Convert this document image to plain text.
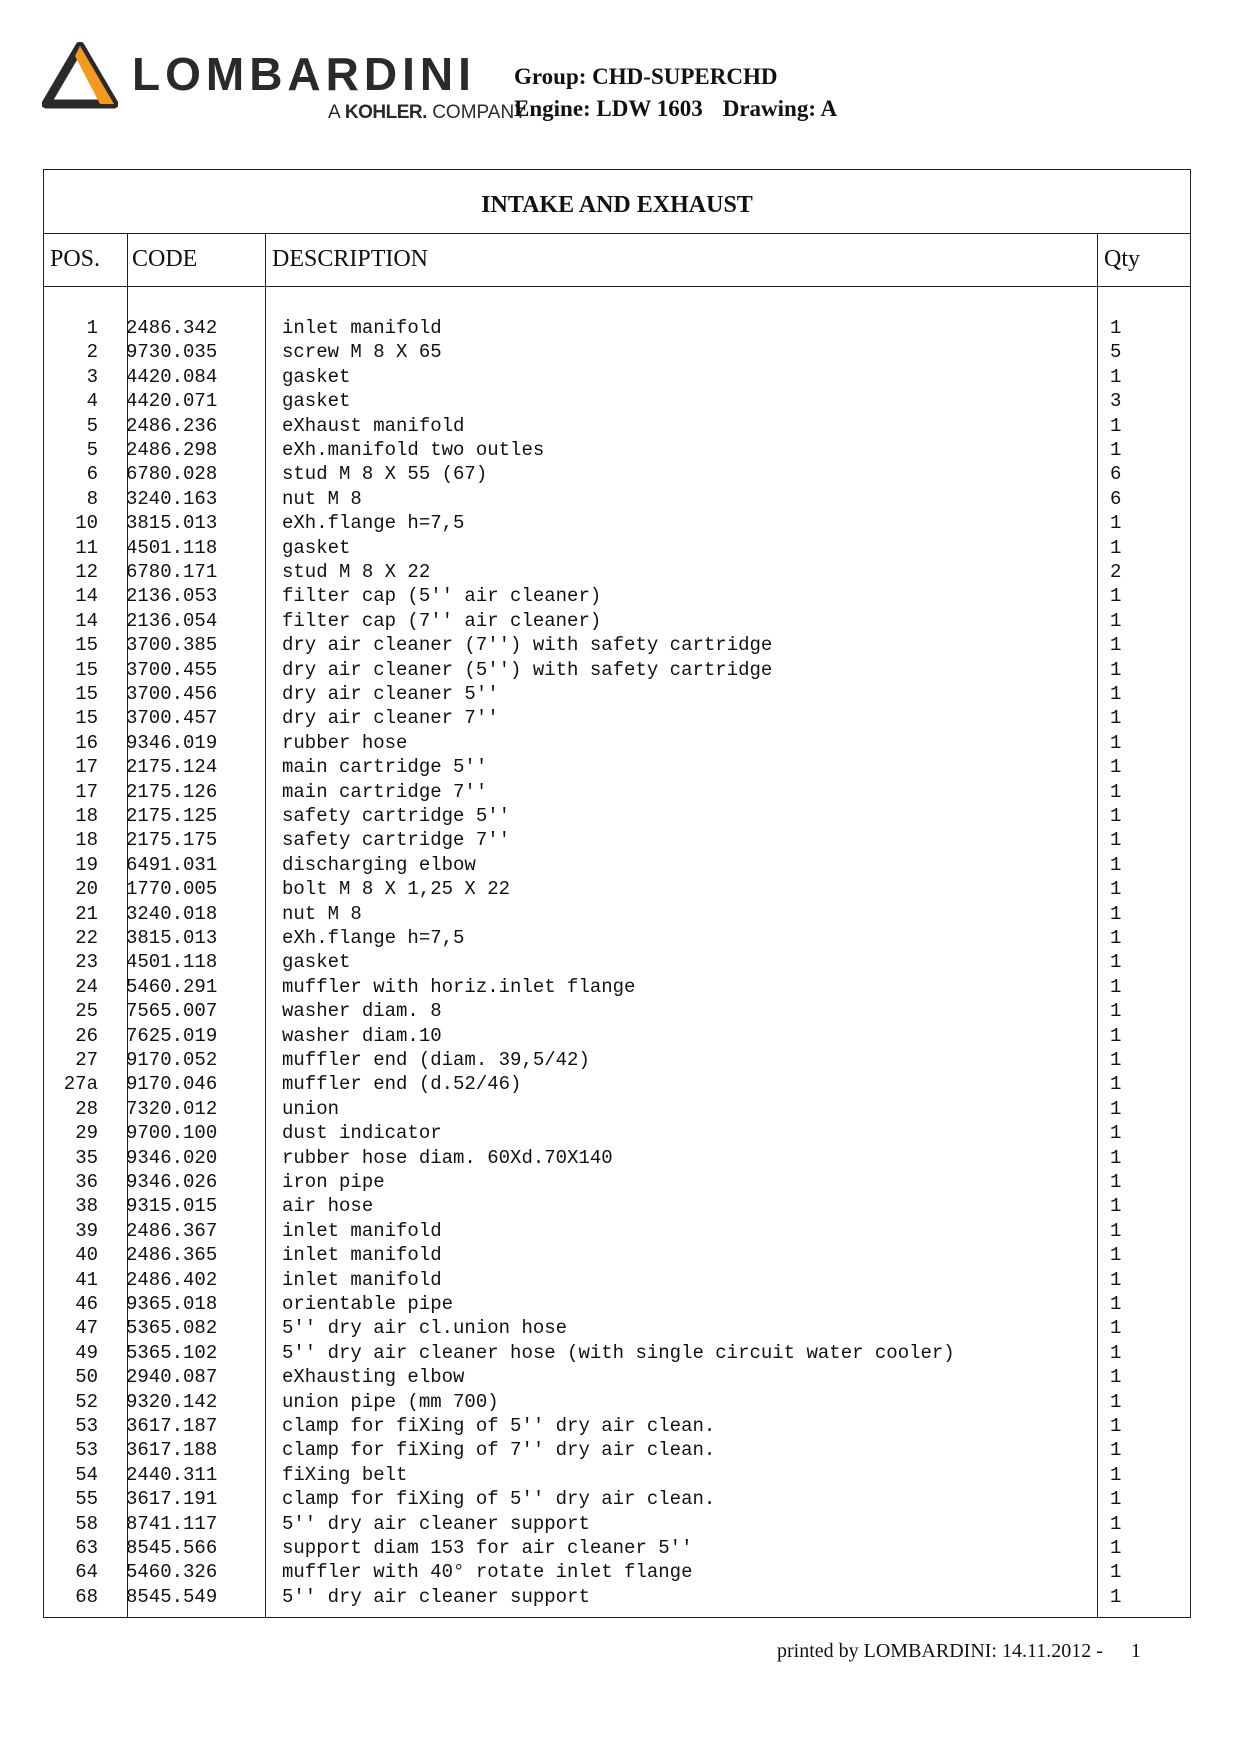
LOMBARDINI
A KOHLER. COMPANY
Group: CHD-SUPERCHD
Engine: LDW 1603 Drawing: A
INTAKE AND EXHAUST
POS. CODE	DESCRIPTION	Qty
1 2486.342	inlet manifold	1
2 9730.035	screw M 8 X 65	5
3 4420.084	gasket	1
4 4420.071	gasket	3
5 2486.236	eXhaust manifold	1
5 2486.298	eXh.manifold two outles	1
6 6780.028	stud M 8 X 55 (67)	6
8 3240.163	nut M 8	6
10 3815.013	eXh.flange h=7,5	1
11 4501.118	gasket	1
12 6780.171	stud M 8 X 22	2
14 2136.053	filter cap (5'' air cleaner)	1
14 2136.054	filter cap (7'' air cleaner)	1
15 3700.385	dry air cleaner (7'') with safety cartridge	1
15 3700.455	dry air cleaner (5'') with safety cartridge	1
15 3700.456	dry air cleaner 5''	1
15 3700.457	dry air cleaner 7''	1
16 9346.019	rubber hose	1
17 2175.124	main cartridge 5''	1
17 2175.126	main cartridge 7''	1
18 2175.125	safety cartridge 5''	1
18 2175.175	safety cartridge 7''	1
19 6491.031	discharging elbow	1
20 1770.005	bolt M 8 X 1,25 X 22	1
21 3240.018	nut M 8	1
22 3815.013	eXh.flange h=7,5	1
23 4501.118	gasket	1
24 5460.291	muffler with horiz.inlet flange	1
25 7565.007	washer diam. 8	1
26 7625.019	washer diam.10	1
27 9170.052	muffler end (diam. 39,5/42)	1
27a 9170.046	muffler end (d.52/46)	1
28 7320.012	union	1
29 9700.100	dust indicator	1
35 9346.020	rubber hose diam. 60Xd.70X140	1
36 9346.026	iron pipe	1
38 9315.015	air hose	1
39 2486.367	inlet manifold	1
40 2486.365	inlet manifold	1
41 2486.402	inlet manifold	1
46 9365.018	orientable pipe	1
47 5365.082	5'' dry air cl.union hose	1
49 5365.102	5'' dry air cleaner hose (with single circuit water cooler)	1
50 2940.087	eXhausting elbow	1
52 9320.142	union pipe (mm 700)	1
53 3617.187	clamp for fiXing of 5'' dry air clean.	1
53 3617.188	clamp for fiXing of 7'' dry air clean.	1
54 2440.311	fiXing belt	1
55 3617.191	clamp for fiXing of 5'' dry air clean.	1
58 8741.117	5'' dry air cleaner support	1
63 8545.566	support diam 153 for air cleaner 5''	1
64 5460.326	muffler with 40° rotate inlet flange	1
68 8545.549	5'' dry air cleaner support	1
printed by LOMBARDINI: 14.11.2012 - 1
